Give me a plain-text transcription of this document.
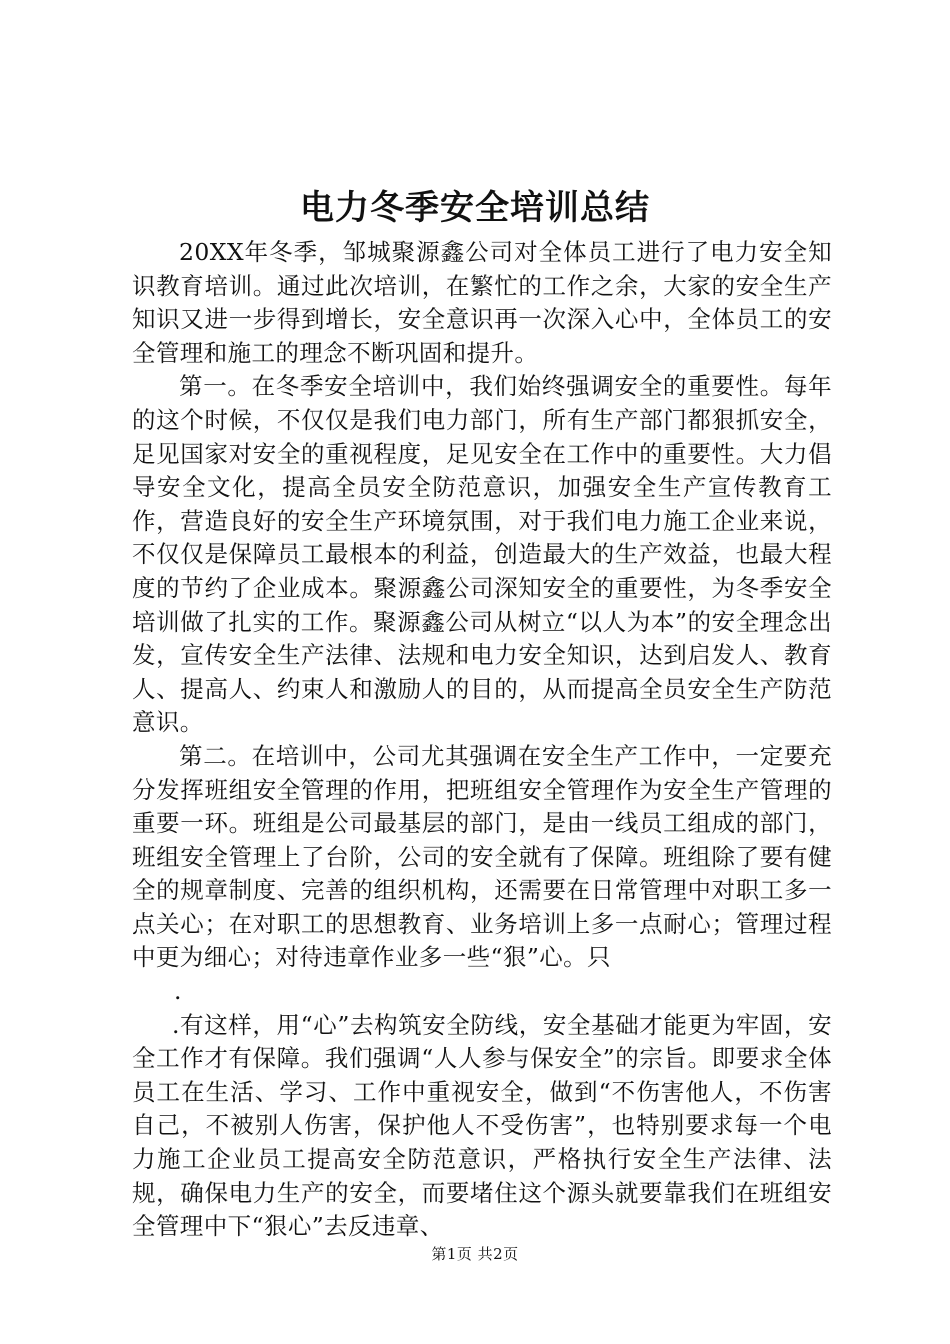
电力冬季安全培训总结

20XX年冬季，邹城聚源鑫公司对全体员工进行了电力安全知识教育培训。通过此次培训，在繁忙的工作之余，大家的安全生产知识又进一步得到增长，安全意识再一次深入心中，全体员工的安全管理和施工的理念不断巩固和提升。

第一。在冬季安全培训中，我们始终强调安全的重要性。每年的这个时候，不仅仅是我们电力部门，所有生产部门都狠抓安全，足见国家对安全的重视程度，足见安全在工作中的重要性。大力倡导安全文化，提高全员安全防范意识，加强安全生产宣传教育工作，营造良好的安全生产环境氛围，对于我们电力施工企业来说，不仅仅是保障员工最根本的利益，创造最大的生产效益，也最大程度的节约了企业成本。聚源鑫公司深知安全的重要性，为冬季安全培训做了扎实的工作。聚源鑫公司从树立“以人为本”的安全理念出发，宣传安全生产法律、法规和电力安全知识，达到启发人、教育人、提高人、约束人和激励人的目的，从而提高全员安全生产防范意识。

第二。在培训中，公司尤其强调在安全生产工作中，一定要充分发挥班组安全管理的作用，把班组安全管理作为安全生产管理的重要一环。班组是公司最基层的部门，是由一线员工组成的部门，班组安全管理上了台阶，公司的安全就有了保障。班组除了要有健全的规章制度、完善的组织机构，还需要在日常管理中对职工多一点关心；在对职工的思想教育、业务培训上多一点耐心；管理过程中更为细心；对待违章作业多一些“狠”心。只

.

.有这样，用“心”去构筑安全防线，安全基础才能更为牢固，安全工作才有保障。我们强调“人人参与保安全”的宗旨。即要求全体员工在生活、学习、工作中重视安全，做到“不伤害他人，不伤害自己，不被别人伤害，保护他人不受伤害”，也特别要求每一个电力施工企业员工提高安全防范意识，严格执行安全生产法律、法规，确保电力生产的安全，而要堵住这个源头就要靠我们在班组安全管理中下“狠心”去反违章、

第1页 共2页
